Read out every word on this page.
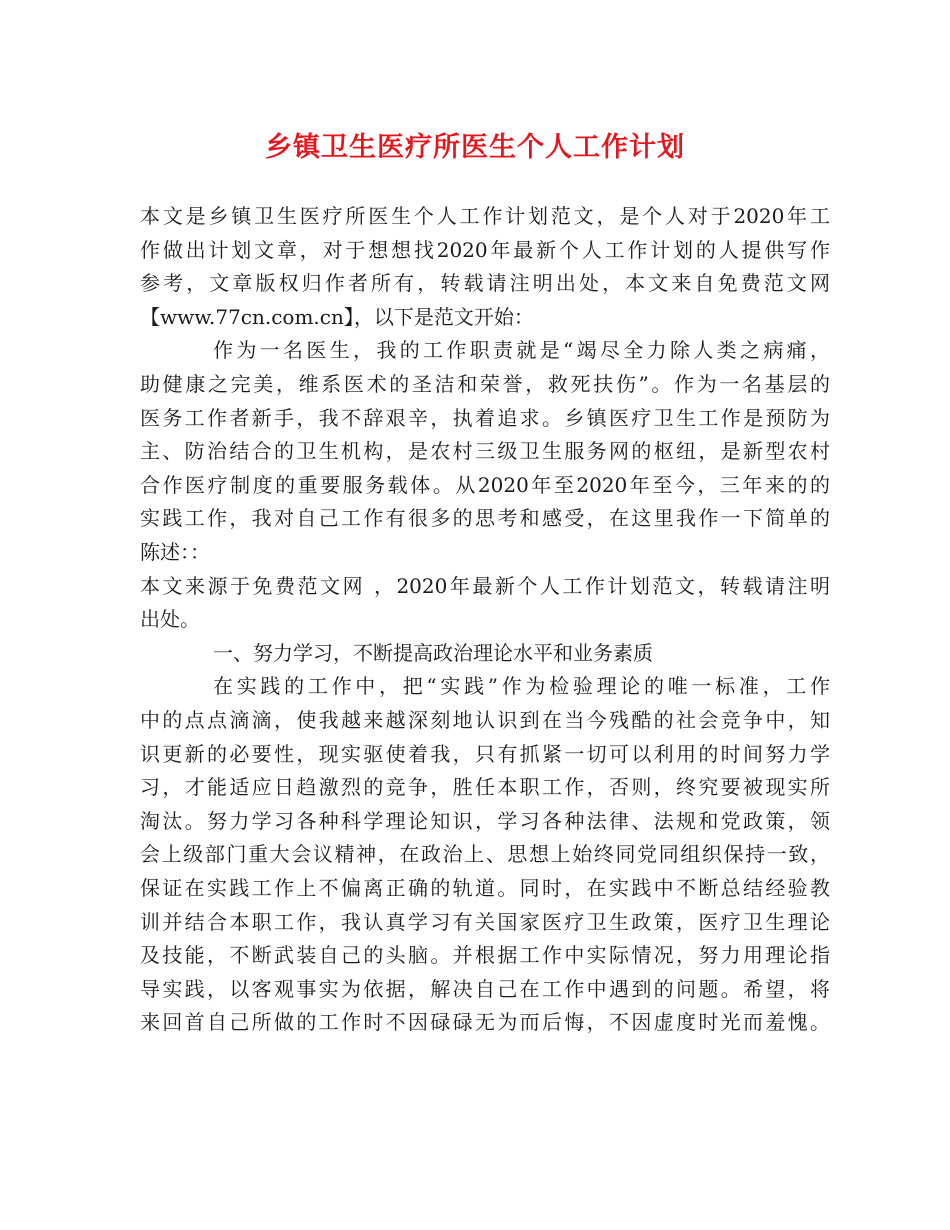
乡镇卫生医疗所医生个人工作计划
本文是乡镇卫生医疗所医生个人工作计划范文，是个人对于2020年工
作做出计划文章，对于想想找2020年最新个人工作计划的人提供写作
参考，文章版权归作者所有，转载请注明出处，本文来自免费范文网
【www.77cn.com.cn】，以下是范文开始：
作为一名医生，我的工作职责就是“竭尽全力除人类之病痛，
助健康之完美，维系医术的圣洁和荣誉，救死扶伤”。作为一名基层的
医务工作者新手，我不辞艰辛，执着追求。乡镇医疗卫生工作是预防为
主、防治结合的卫生机构，是农村三级卫生服务网的枢纽，是新型农村
合作医疗制度的重要服务载体。从2020年至2020年至今，三年来的的
实践工作，我对自己工作有很多的思考和感受，在这里我作一下简单的
陈述：：
本文来源于免费范文网 ，2020年最新个人工作计划范文，转载请注明
出处。
一、努力学习，不断提高政治理论水平和业务素质
在实践的工作中，把“实践”作为检验理论的唯一标准，工作
中的点点滴滴，使我越来越深刻地认识到在当今残酷的社会竞争中，知
识更新的必要性，现实驱使着我，只有抓紧一切可以利用的时间努力学
习，才能适应日趋激烈的竞争，胜任本职工作，否则，终究要被现实所
淘汰。努力学习各种科学理论知识，学习各种法律、法规和党政策，领
会上级部门重大会议精神，在政治上、思想上始终同党同组织保持一致，
保证在实践工作上不偏离正确的轨道。同时，在实践中不断总结经验教
训并结合本职工作，我认真学习有关国家医疗卫生政策，医疗卫生理论
及技能，不断武装自己的头脑。并根据工作中实际情况，努力用理论指
导实践，以客观事实为依据，解决自己在工作中遇到的问题。希望，将
来回首自己所做的工作时不因碌碌无为而后悔，不因虚度时光而羞愧。
